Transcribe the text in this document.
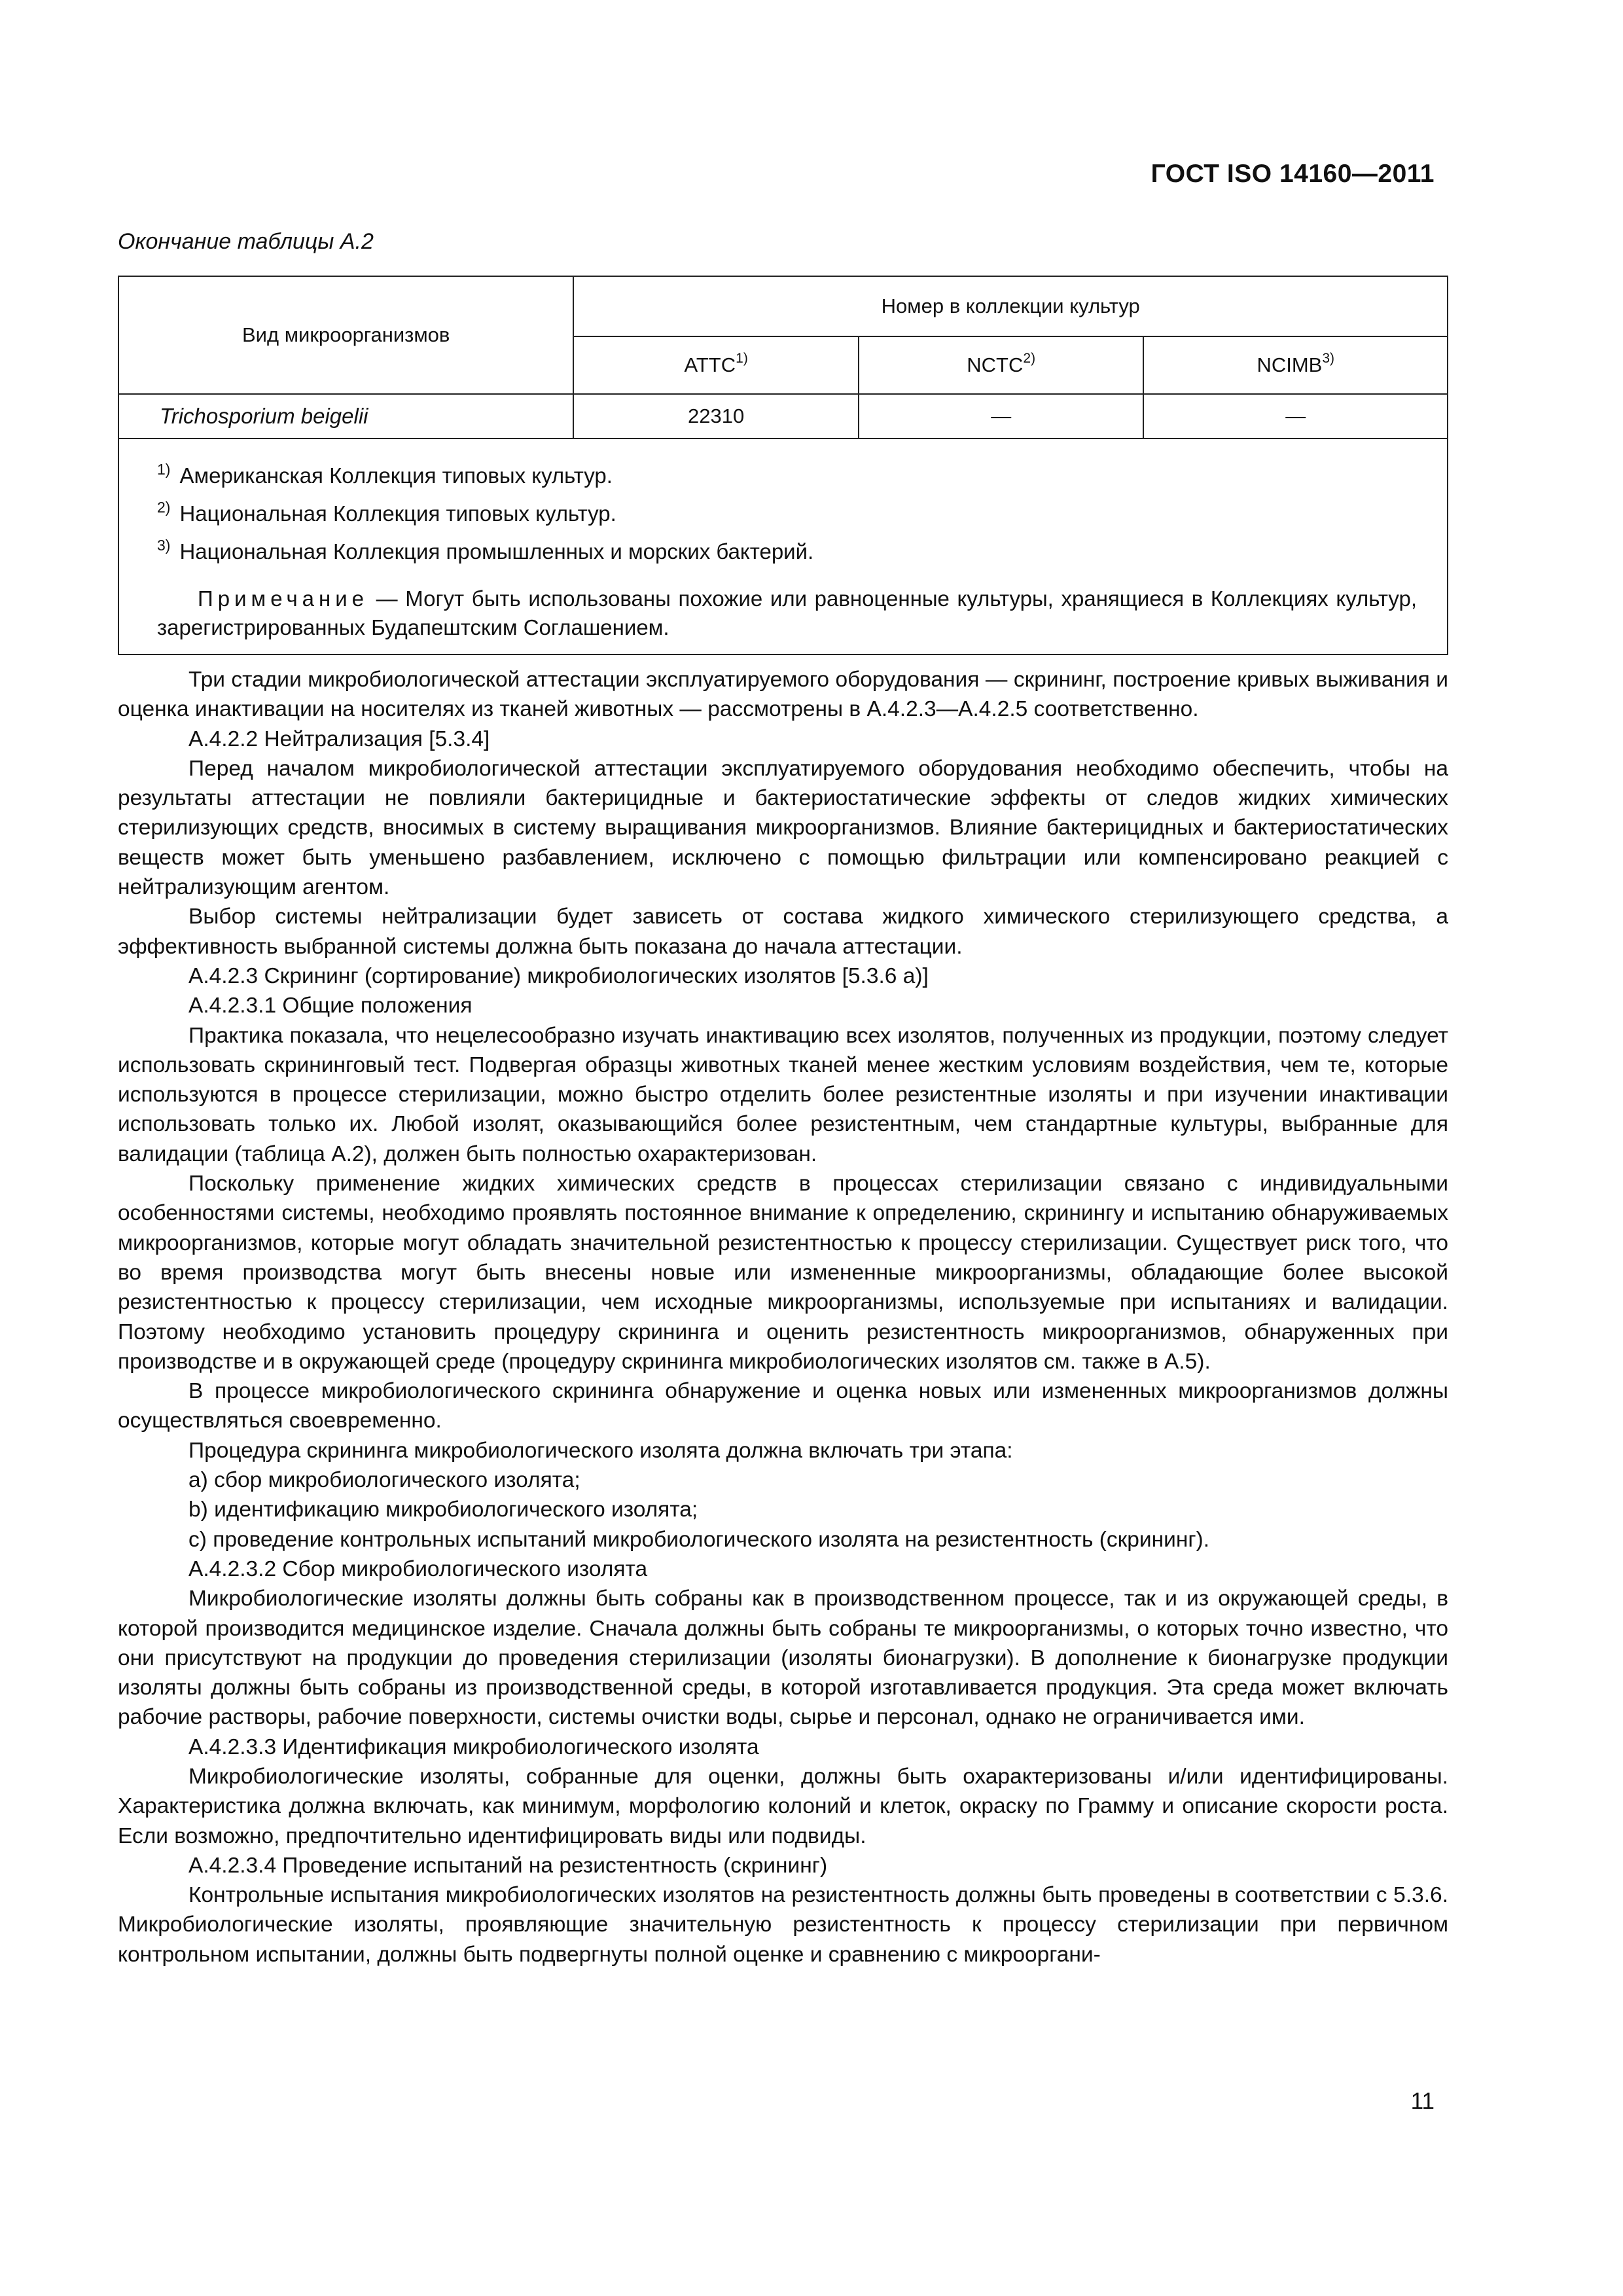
ГОСТ ISO 14160—2011
Окончание таблицы А.2
Вид микроорганизмов	Номер в коллекции культур		
	ATTC$^{1)}$	NCTC$^{2)}$	NCIMB$^{3)}$
Trichosporium beigelii	22310	—	—

$^{1)}$ Американская Коллекция типовых культур.
$^{2)}$ Национальная Коллекция типовых культур.
$^{3)}$ Национальная Коллекция промышленных и морских бактерий.
Примечание — Могут быть использованы похожие или равноценные культуры, хранящиеся в Коллекциях культур, зарегистрированных Будапештским Соглашением.			

Три стадии микробиологической аттестации эксплуатируемого оборудования — скрининг, построение кривых выживания и оценка инактивации на носителях из тканей животных — рассмотрены в А.4.2.3—А.4.2.5 соответственно.

А.4.2.2 Нейтрализация [5.3.4]

Перед началом микробиологической аттестации эксплуатируемого оборудования необходимо обеспечить, чтобы на результаты аттестации не повлияли бактерицидные и бактериостатические эффекты от следов жидких химических стерилизующих средств, вносимых в систему выращивания микроорганизмов. Влияние бактерицидных и бактериостатических веществ может быть уменьшено разбавлением, исключено с помощью фильтрации или компенсировано реакцией с нейтрализующим агентом.

Выбор системы нейтрализации будет зависеть от состава жидкого химического стерилизующего средства, а эффективность выбранной системы должна быть показана до начала аттестации.

А.4.2.3 Скрининг (сортирование) микробиологических изолятов [5.3.6 а)]

А.4.2.3.1 Общие положения

Практика показала, что нецелесообразно изучать инактивацию всех изолятов, полученных из продукции, поэтому следует использовать скрининговый тест. Подвергая образцы животных тканей менее жестким условиям воздействия, чем те, которые используются в процессе стерилизации, можно быстро отделить более резистентные изоляты и при изучении инактивации использовать только их. Любой изолят, оказывающийся более резистентным, чем стандартные культуры, выбранные для валидации (таблица А.2), должен быть полностью охарактеризован.

Поскольку применение жидких химических средств в процессах стерилизации связано с индивидуальными особенностями системы, необходимо проявлять постоянное внимание к определению, скринингу и испытанию обнаруживаемых микроорганизмов, которые могут обладать значительной резистентностью к процессу стерилизации. Существует риск того, что во время производства могут быть внесены новые или измененные микроорганизмы, обладающие более высокой резистентностью к процессу стерилизации, чем исходные микроорганизмы, используемые при испытаниях и валидации. Поэтому необходимо установить процедуру скрининга и оценить резистентность микроорганизмов, обнаруженных при производстве и в окружающей среде (процедуру скрининга микробиологических изолятов см. также в А.5).

В процессе микробиологического скрининга обнаружение и оценка новых или измененных микроорганизмов должны осуществляться своевременно.

Процедура скрининга микробиологического изолята должна включать три этапа:

а) сбор микробиологического изолята;

b) идентификацию микробиологического изолята;

с) проведение контрольных испытаний микробиологического изолята на резистентность (скрининг).

А.4.2.3.2 Сбор микробиологического изолята

Микробиологические изоляты должны быть собраны как в производственном процессе, так и из окружающей среды, в которой производится медицинское изделие. Сначала должны быть собраны те микроорганизмы, о которых точно известно, что они присутствуют на продукции до проведения стерилизации (изоляты бионагрузки). В дополнение к бионагрузке продукции изоляты должны быть собраны из производственной среды, в которой изготавливается продукция. Эта среда может включать рабочие растворы, рабочие поверхности, системы очистки воды, сырье и персонал, однако не ограничивается ими.

А.4.2.3.3 Идентификация микробиологического изолята

Микробиологические изоляты, собранные для оценки, должны быть охарактеризованы и/или идентифицированы. Характеристика должна включать, как минимум, морфологию колоний и клеток, окраску по Грамму и описание скорости роста. Если возможно, предпочтительно идентифицировать виды или подвиды.

А.4.2.3.4 Проведение испытаний на резистентность (скрининг)

Контрольные испытания микробиологических изолятов на резистентность должны быть проведены в соответствии с 5.3.6. Микробиологические изоляты, проявляющие значительную резистентность к процессу стерилизации при первичном контрольном испытании, должны быть подвергнуты полной оценке и сравнению с микрооргани-

11
